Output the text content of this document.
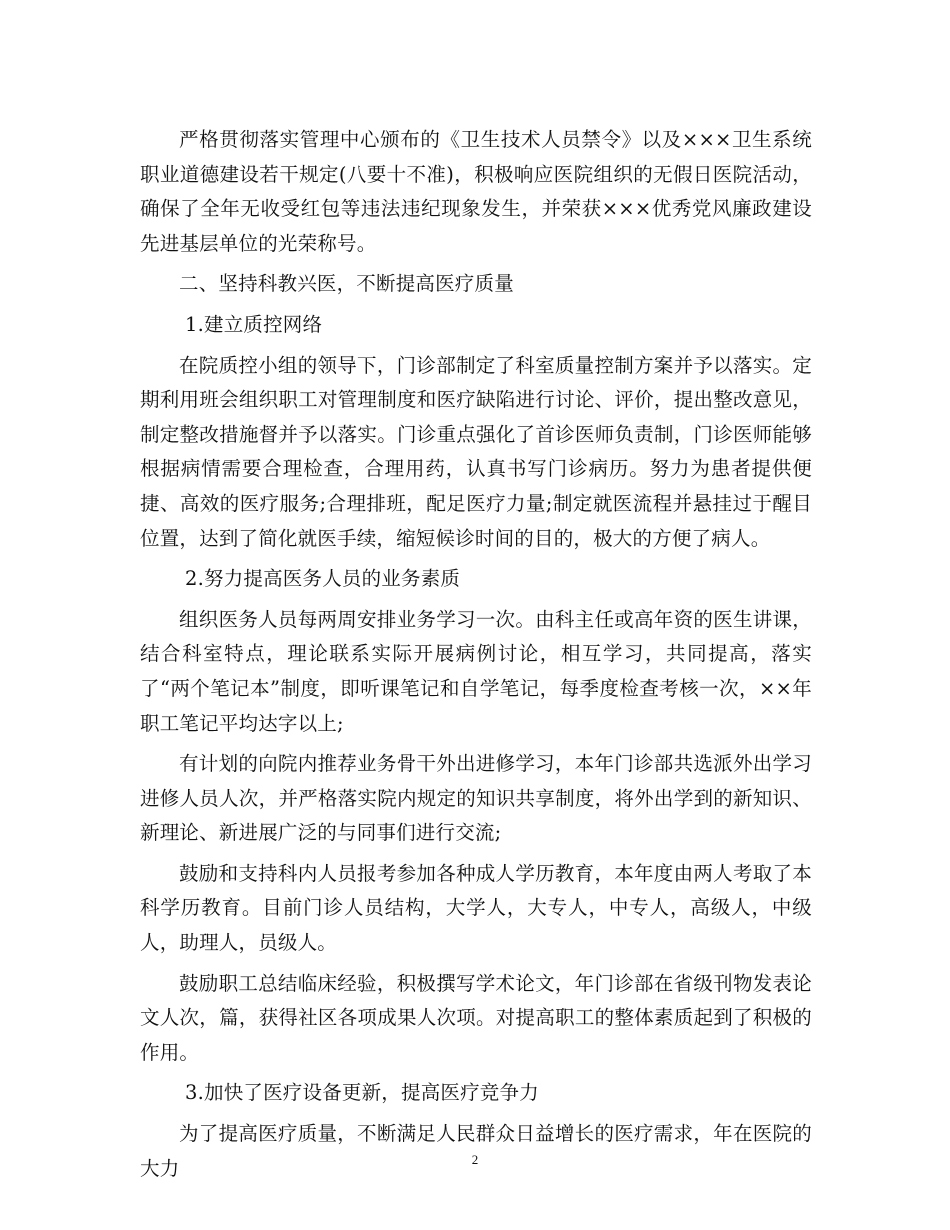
严格贯彻落实管理中心颁布的《卫生技术人员禁令》以及×××卫生系统职业道德建设若干规定(八要十不准)，积极响应医院组织的无假日医院活动，确保了全年无收受红包等违法违纪现象发生，并荣获×××优秀党风廉政建设先进基层单位的光荣称号。

二、坚持科教兴医，不断提高医疗质量

1.建立质控网络

在院质控小组的领导下，门诊部制定了科室质量控制方案并予以落实。定期利用班会组织职工对管理制度和医疗缺陷进行讨论、评价，提出整改意见，制定整改措施督并予以落实。门诊重点强化了首诊医师负责制，门诊医师能够根据病情需要合理检查，合理用药，认真书写门诊病历。努力为患者提供便捷、高效的医疗服务;合理排班，配足医疗力量;制定就医流程并悬挂过于醒目位置，达到了简化就医手续，缩短候诊时间的目的，极大的方便了病人。

2.努力提高医务人员的业务素质

组织医务人员每两周安排业务学习一次。由科主任或高年资的医生讲课，结合科室特点，理论联系实际开展病例讨论，相互学习，共同提高，落实了“两个笔记本”制度，即听课笔记和自学笔记，每季度检查考核一次，××年职工笔记平均达字以上;

有计划的向院内推荐业务骨干外出进修学习，本年门诊部共选派外出学习进修人员人次，并严格落实院内规定的知识共享制度，将外出学到的新知识、新理论、新进展广泛的与同事们进行交流;

鼓励和支持科内人员报考参加各种成人学历教育，本年度由两人考取了本科学历教育。目前门诊人员结构，大学人，大专人，中专人，高级人，中级人，助理人，员级人。

鼓励职工总结临床经验，积极撰写学术论文，年门诊部在省级刊物发表论文人次，篇，获得社区各项成果人次项。对提高职工的整体素质起到了积极的作用。

3.加快了医疗设备更新，提高医疗竞争力

为了提高医疗质量，不断满足人民群众日益增长的医疗需求，年在医院的大力	2
